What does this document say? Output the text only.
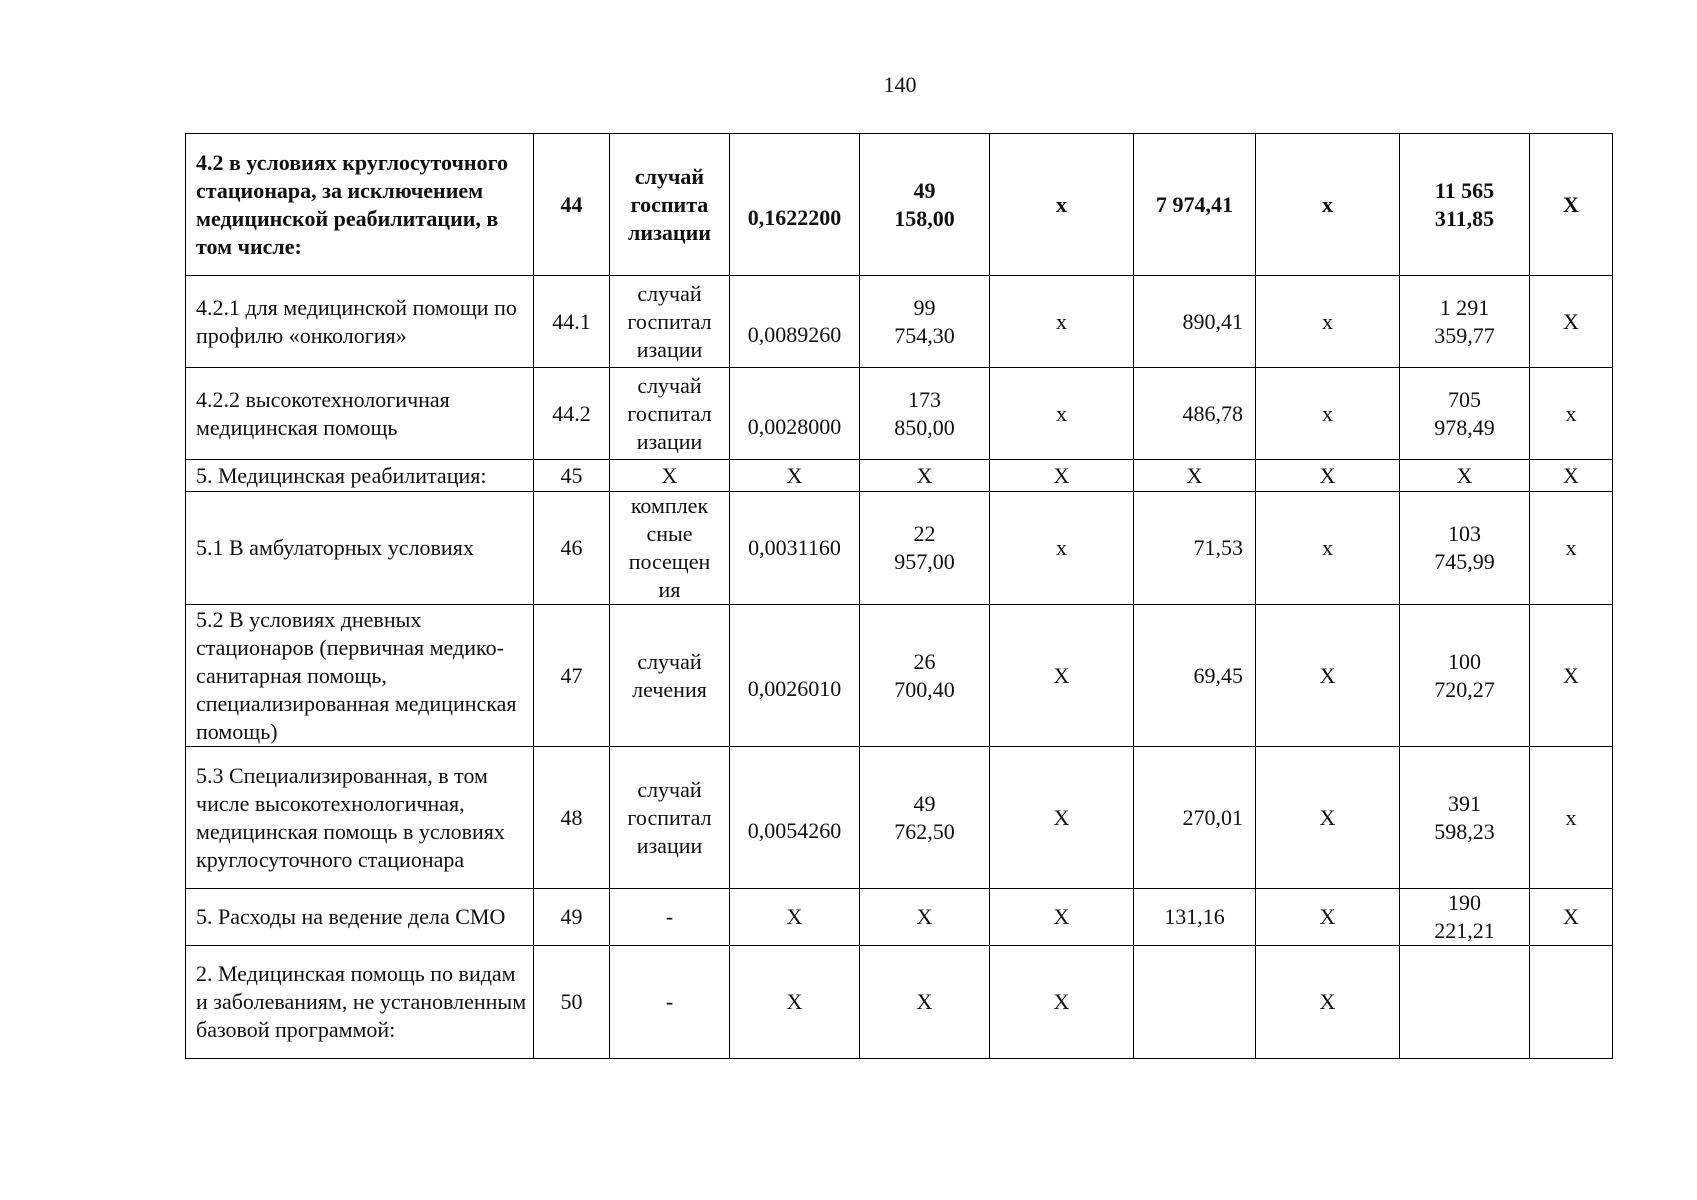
140
4.2 в условиях круглосуточного стационара, за исключением медицинской реабилитации, в том числе:	44	случай
госпита
лизации	0,1622200	49
158,00	x	7 974,41	x	11 565
311,85	X
4.2.1 для медицинской помощи по профилю «онкология»	44.1	случай
госпитал
изации	0,0089260	99
754,30	x	890,41	x	1 291
359,77	X
4.2.2 высокотехнологичная медицинская помощь	44.2	случай
госпитал
изации	0,0028000	173
850,00	x	486,78	x	705
978,49	x
5. Медицинская реабилитация:	45	X	X	X	X	X	X	X	X
5.1 В амбулаторных условиях	46	комплек
сные
посещен
ия	0,0031160	22
957,00	x	71,53	x	103
745,99	x
5.2 В условиях дневных стационаров (первичная медико-санитарная помощь, специализированная медицинская помощь)	47	случай
лечения	0,0026010	26
700,40	X	69,45	X	100
720,27	X
5.3 Специализированная, в том числе высокотехнологичная, медицинская помощь в условиях круглосуточного стационара	48	случай
госпитал
изации	0,0054260	49
762,50	X	270,01	X	391
598,23	x
5. Расходы на ведение дела СМО	49	-	X	X	X	131,16	X	190
221,21	X
2. Медицинская помощь по видам и заболеваниям, не установленным базовой программой:	50	-	X	X	X		X	
